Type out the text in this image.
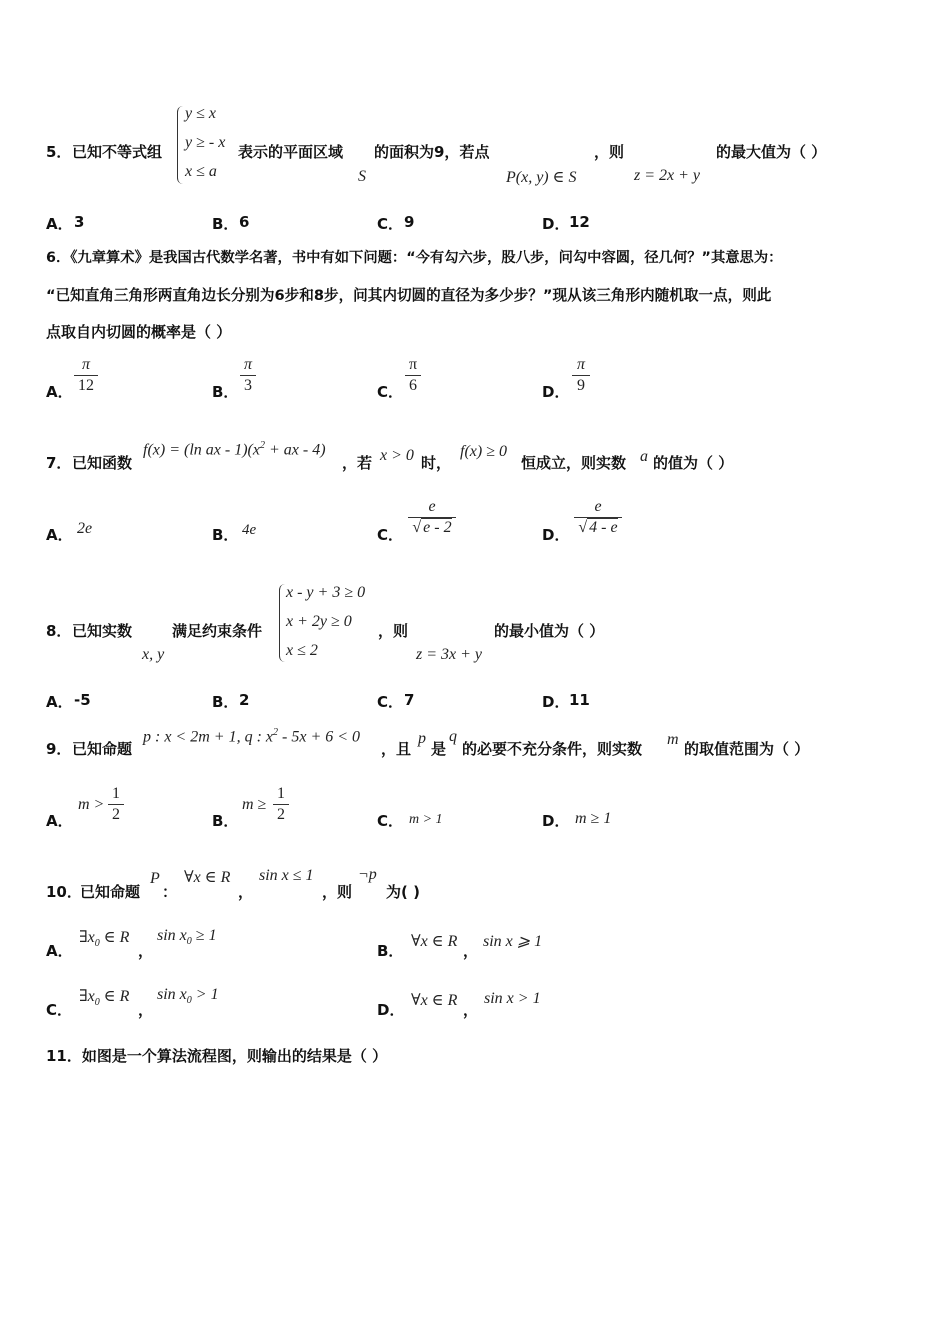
5． 已知不等式组
y ≤ x
y ≥ - x
x ≤ a
表示的平面区域
S
的面积为9，若点
P(x, y) ∈ S
，则
z = 2x + y
的最大值为（ ）
A． 3	B． 6	C． 9	D． 12
6．《九章算术》是我国古代数学名著，书中有如下问题：“今有勾六步，股八步，问勾中容圆，径几何？”其意思为：
“已知直角三角形两直角边长分别为6步和8步，问其内切圆的直径为多少步？”现从该三角形内随机取一点，则此
点取自内切圆的概率是（ ）
A．
π
12	B．
π
3	C．
π
6	D．
π
9
7． 已知函数
f(x) = (ln ax - $1)(x^2$ + ax - 4)
，若 x > 0 时，
f(x) ≥ 0
恒成立，则实数 a 的值为（ ）
A． 2e	B． 4e	C．
e
√ e - 2	D．
e
√ 4 - e
8． 已知实数
x, y
满足约束条件
x - y + 3 ≥ 0
x + 2y ≥ 0
x ≤ 2
，则
z = 3x + y
的最小值为（ ）
A． -5	B． 2	C． 7	D． 11
9． 已知命题
p : x < 2m + 1, q : $x^2 - 5x + 6 < 0$
，且
p
是
q
的必要不充分条件，则实数
m
的取值范围为（ ）
A．
m >
1
2	B．
m ≥
1
2	C． m > 1	D． m ≥ 1
10．
已知命题
P
：
∀x ∈ R
，
sin x ≤ 1
，则
¬p
为( )
A．
$\exists x_0$ ∈ R
，
$\sin x_0 \ge 1$
B．
∀x ∈ R
，
sin x ⩾ 1
C．
$\exists x_0$ ∈ R
，
$\sin x_0 > 1$
D．
∀x ∈ R
，
sin x > 1
11．如图是一个算法流程图，则输出的结果是（ ）
